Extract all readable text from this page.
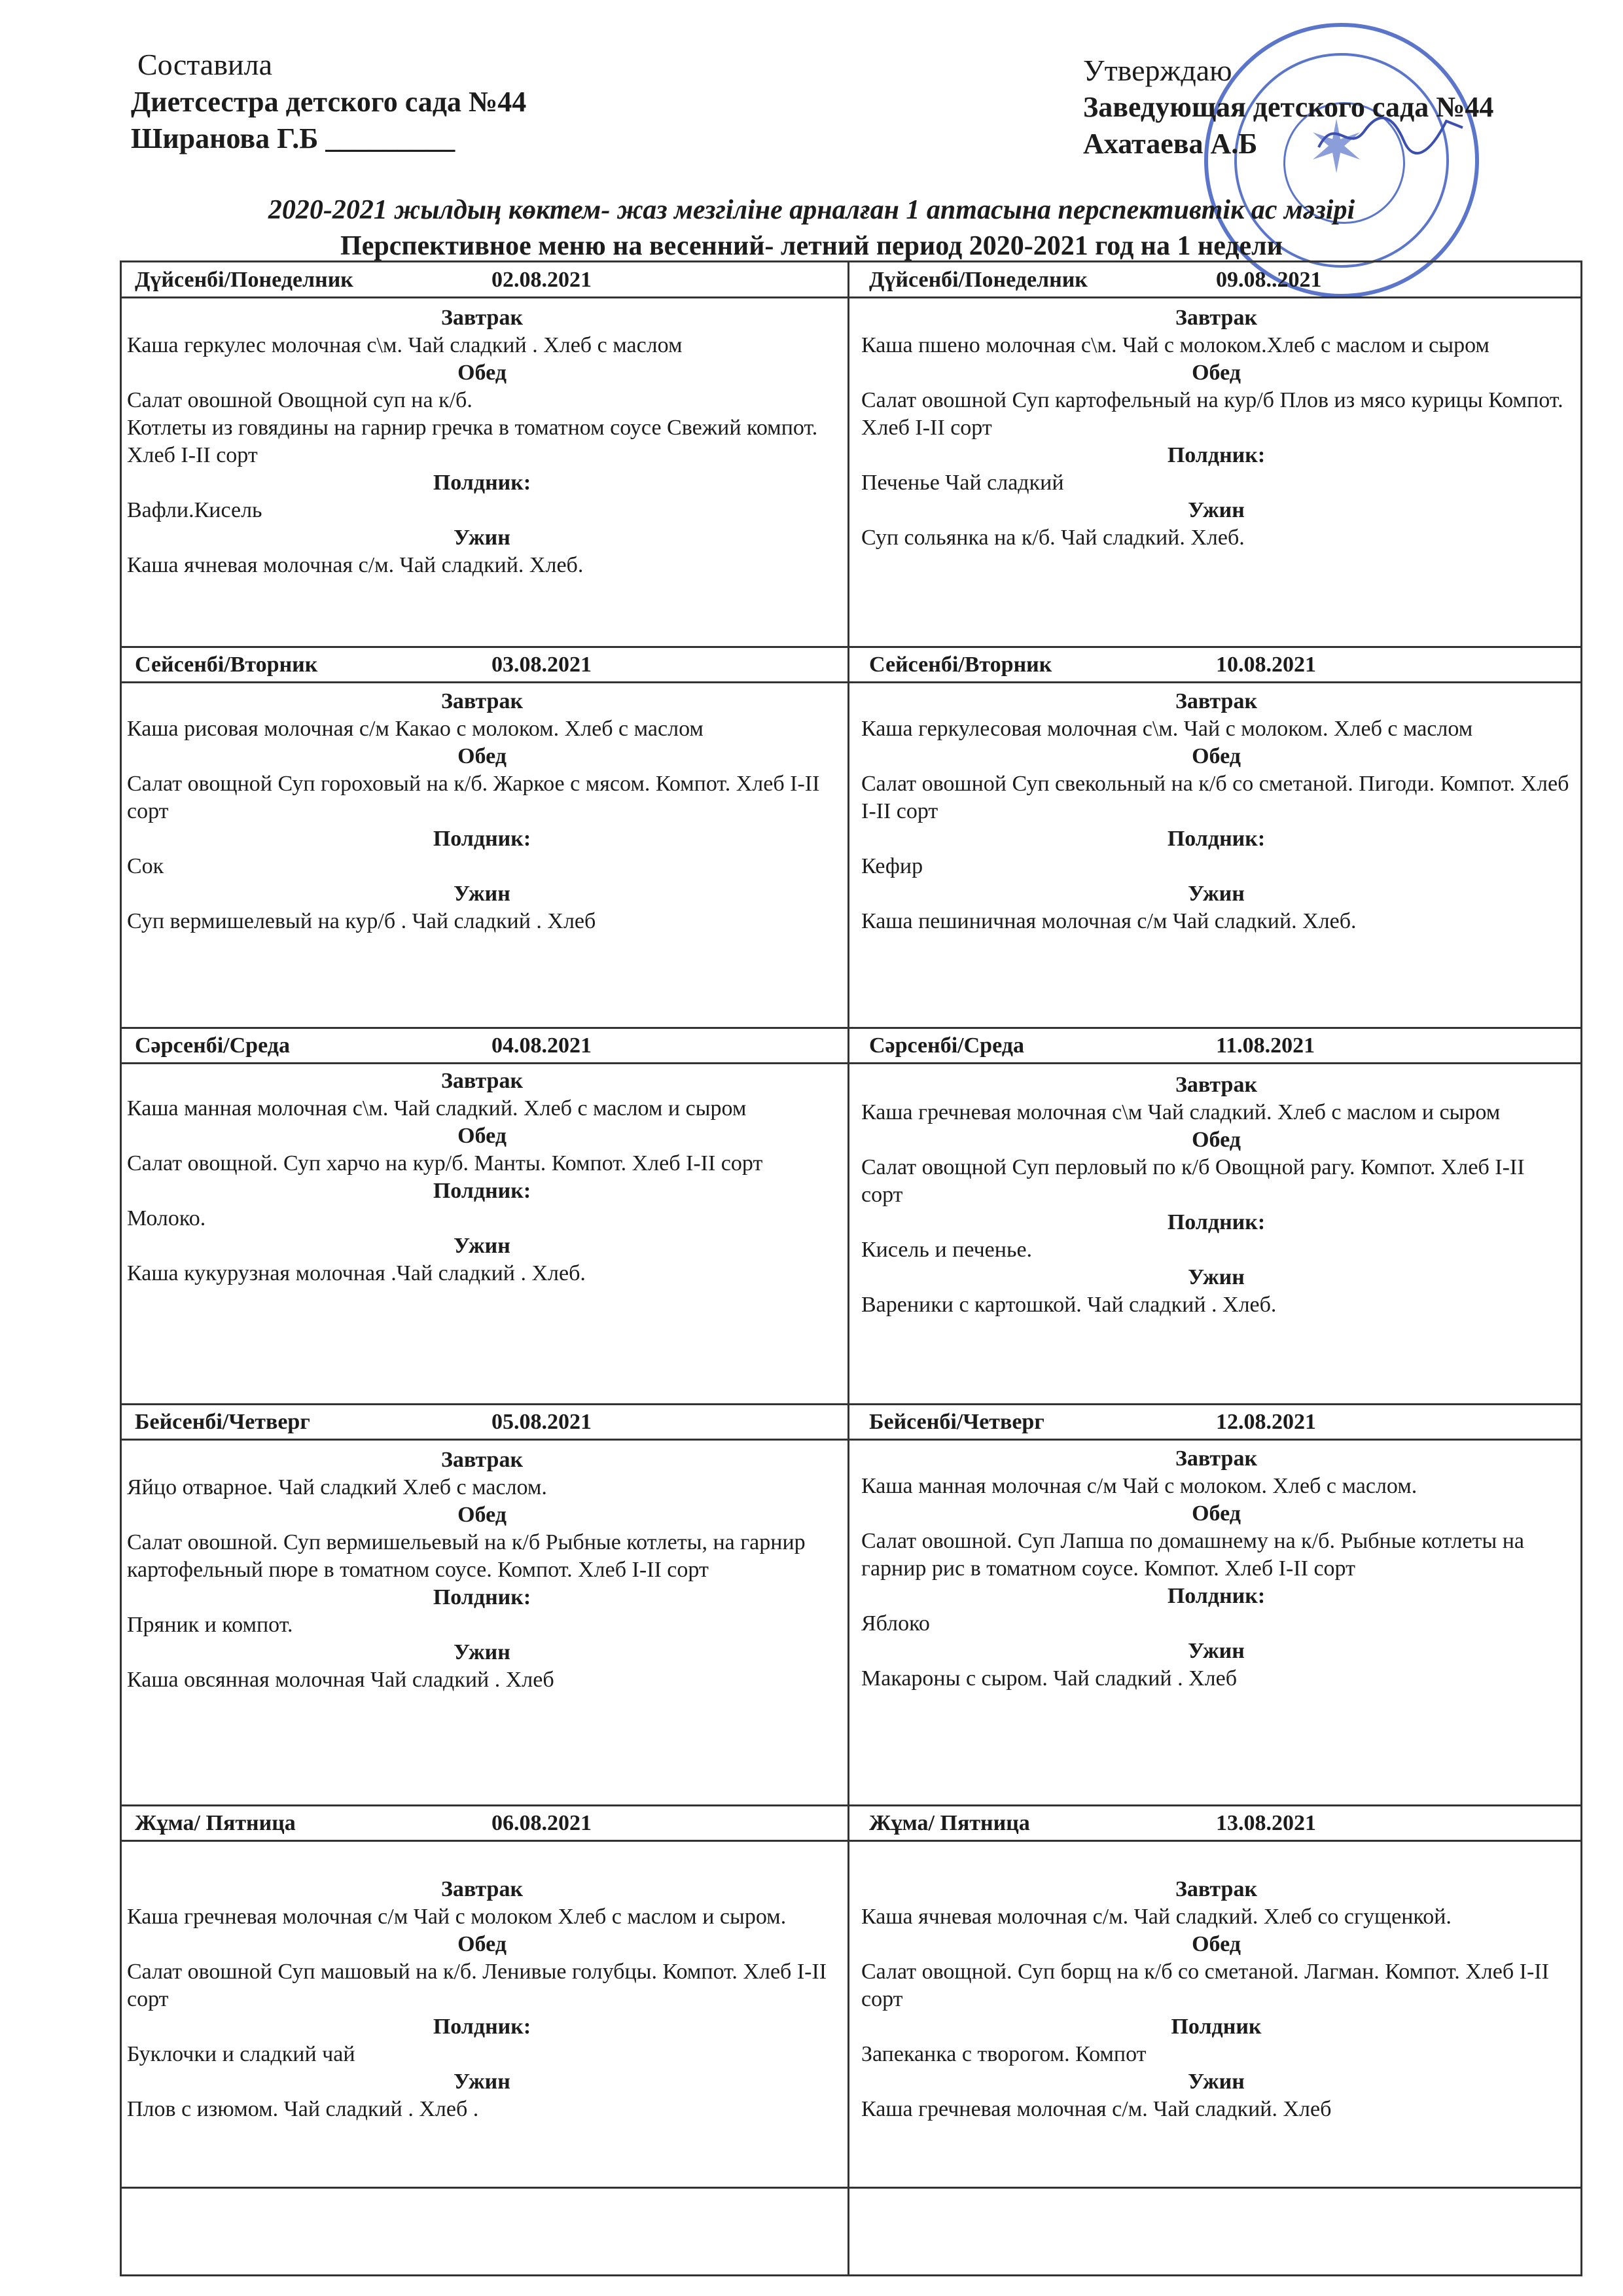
Составила
Диетсестра детского сада №44
Ширанова Г.Б _________	✶
Утверждаю
Заведующая детского сада №44
Ахатаева А.Б
2020-2021 жылдың көктем- жаз мезгіліне арналған 1 аптасына перспективтік ас мәзірі
Перспективное меню на весенний- летний период 2020-2021 год на 1 недели
Дүйсенбі/Понеделник	02.08.2021
Завтрак
Каша геркулес молочная с\м. Чай сладкий . Хлеб с маслом
Обед
Салат овошной Овощной суп на к/б.
Котлеты из говядины на гарнир гречка в томатном соусе Свежий компот. Хлеб I-II сорт
Полдник:
Вафли.Кисель
Ужин
Каша ячневая молочная с/м. Чай сладкий. Хлеб.
Дүйсенбі/Понеделник	09.08..2021
Завтрак
Каша пшено молочная с\м. Чай с молоком.Хлеб с маслом и сыром
Обед
Салат овошной Суп картофельный на кур/б Плов из мясо курицы Компот. Хлеб I-II сорт
Полдник:
Печенье Чай сладкий
Ужин
Суп сольянка на к/б. Чай сладкий. Хлеб.
Сейсенбі/Вторник	03.08.2021
Завтрак
Каша рисовая молочная с/м Какао с молоком. Хлеб с маслом
Обед
Салат овощной Суп гороховый на к/б. Жаркое с мясом. Компот. Хлеб I-II сорт
Полдник:
Сок
Ужин
Суп вермишелевый на кур/б . Чай сладкий . Хлеб
Сейсенбі/Вторник	10.08.2021
Завтрак
Каша геркулесовая молочная с\м. Чай с молоком. Хлеб с маслом
Обед
Салат овошной Суп свекольный на к/б со сметаной. Пигоди. Компот. Хлеб I-II сорт
Полдник:
Кефир
Ужин
Каша пешиничная молочная с/м Чай сладкий. Хлеб.
Сәрсенбі/Среда	04.08.2021
Завтрак
Каша манная молочная с\м. Чай сладкий. Хлеб с маслом и сыром
Обед
Салат овощной. Суп харчо на кур/б. Манты. Компот. Хлеб I-II сорт
Полдник:
Молоко.
Ужин
Каша кукурузная молочная .Чай сладкий . Хлеб.
Сәрсенбі/Среда	11.08.2021
Завтрак
Каша гречневая молочная с\м Чай сладкий. Хлеб с маслом и сыром
Обед
Салат овощной Суп перловый по к/б Овощной рагу. Компот. Хлеб I-II сорт
Полдник:
Кисель и печенье.
Ужин
Вареники с картошкой. Чай сладкий . Хлеб.
Бейсенбі/Четверг	05.08.2021
Завтрак
Яйцо отварное. Чай сладкий Хлеб с маслом.
Обед
Салат овошной. Суп вермишельевый на к/б Рыбные котлеты, на гарнир картофельный пюре в томатном соусе. Компот. Хлеб I-II сорт
Полдник:
Пряник и компот.
Ужин
Каша овсянная молочная Чай сладкий . Хлеб
Бейсенбі/Четверг	12.08.2021
Завтрак
Каша манная молочная с/м Чай с молоком. Хлеб с маслом.
Обед
Салат овошной. Суп Лапша по домашнему на к/б. Рыбные котлеты на гарнир рис в томатном соусе. Компот. Хлеб I-II сорт
Полдник:
Яблоко
Ужин
Макароны с сыром. Чай сладкий . Хлеб
Жұма/ Пятница	06.08.2021
Завтрак
Каша гречневая молочная с/м Чай с молоком Хлеб с маслом и сыром.
Обед
Салат овошной Суп машовый на к/б. Ленивые голубцы. Компот. Хлеб I-II сорт
Полдник:
Буклочки и сладкий чай
Ужин
Плов с изюмом. Чай сладкий . Хлеб .
Жұма/ Пятница	13.08.2021
Завтрак
Каша ячневая молочная с/м. Чай сладкий. Хлеб со сгущенкой.
Обед
Салат овощной. Суп борщ на к/б со сметаной. Лагман. Компот. Хлеб I-II сорт
Полдник
Запеканка с творогом. Компот
Ужин
Каша гречневая молочная с/м. Чай сладкий. Хлеб
